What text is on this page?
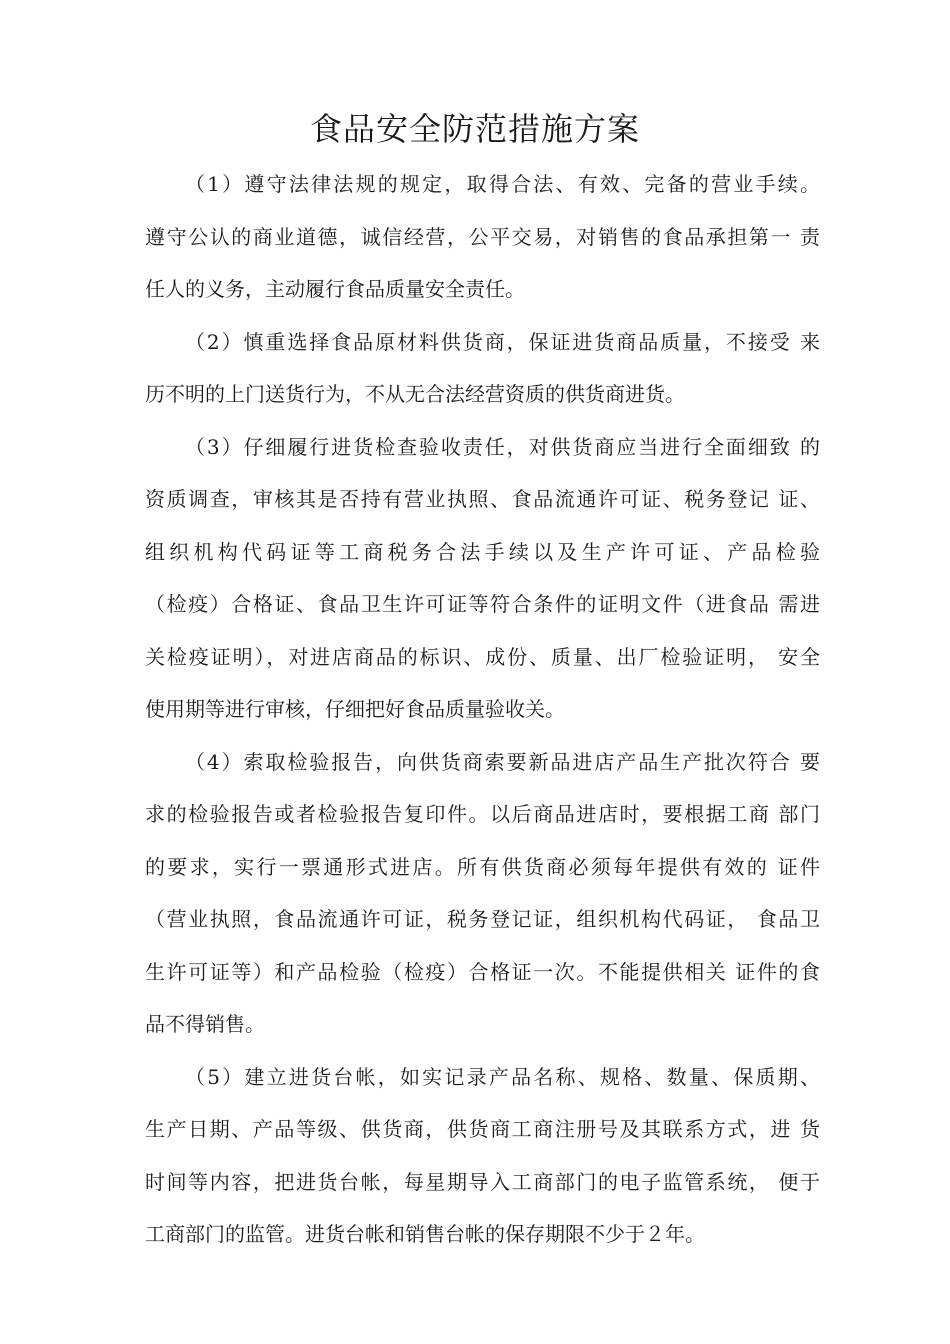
食品安全防范措施方案
（1）遵守法律法规的规定，取得合法、有效、完备的营业手续。
遵守公认的商业道德，诚信经营，公平交易，对销售的食品承担第一 责
任人的义务，主动履行食品质量安全责任。
（2）慎重选择食品原材料供货商，保证进货商品质量，不接受 来
历不明的上门送货行为，不从无合法经营资质的供货商进货。
（3）仔细履行进货检查验收责任，对供货商应当进行全面细致 的
资质调查，审核其是否持有营业执照、食品流通许可证、税务登记 证、
组织机构代码证等工商税务合法手续以及生产许可证、产品检验
（检疫）合格证、食品卫生许可证等符合条件的证明文件（进食品 需进
关检疫证明），对进店商品的标识、成份、质量、出厂检验证明， 安全
使用期等进行审核，仔细把好食品质量验收关。
（4）索取检验报告，向供货商索要新品进店产品生产批次符合 要
求的检验报告或者检验报告复印件。以后商品进店时，要根据工商 部门
的要求，实行一票通形式进店。所有供货商必须每年提供有效的 证件
（营业执照，食品流通许可证，税务登记证，组织机构代码证， 食品卫
生许可证等）和产品检验（检疫）合格证一次。不能提供相关 证件的食
品不得销售。
（5）建立进货台帐，如实记录产品名称、规格、数量、保质期、
生产日期、产品等级、供货商，供货商工商注册号及其联系方式，进 货
时间等内容，把进货台帐，每星期导入工商部门的电子监管系统， 便于
工商部门的监管。进货台帐和销售台帐的保存期限不少于２年。
